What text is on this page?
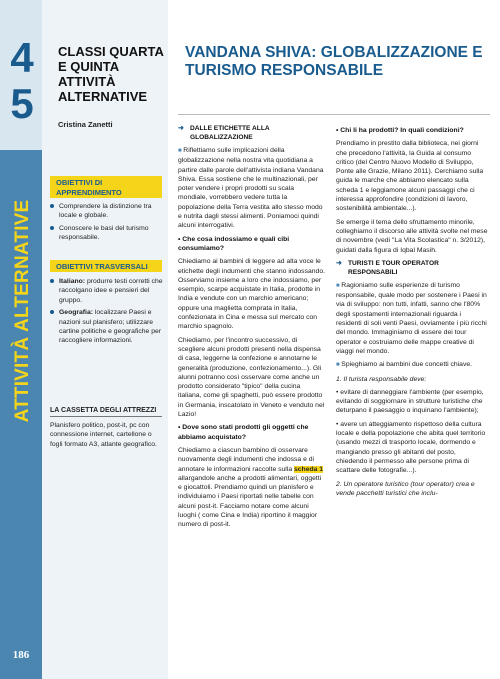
4
5
ATTIVITÀ ALTERNATIVE
186
CLASSI QUARTA E QUINTA ATTIVITÀ ALTERNATIVE
Cristina Zanetti
OBIETTIVI DI APPRENDIMENTO
Comprendere la distinzione tra locale e globale.
Conoscere le basi del turismo responsabile.
OBIETTIVI TRASVERSALI
Italiano: produrre testi corretti che raccolgano idee e pensieri del gruppo.
Geografia: localizzare Paesi e nazioni sul planisfero; utilizzare cartine politiche e geografiche per raccogliere informazioni.
LA CASSETTA DEGLI ATTREZZI
Planisfero politico, post-it, pc con connessione internet, cartellone o fogli formato A3, atlante geografico.
VANDANA SHIVA: GLOBALIZZAZIONE E TURISMO RESPONSABILE
➜ DALLE ETICHETTE ALLA GLOBALIZZAZIONE

■ Riflettiamo sulle implicazioni della globalizzazione nella nostra vita quotidiana a partire dalle parole dell'attivista indiana Vandana Shiva. Essa sostiene che le multinazionali, per poter vendere i propri prodotti su scala mondiale, vorrebbero vedere tutta la popolazione della Terra vestita allo stesso modo e nutrita dagli stessi alimenti. Poniamoci quindi alcuni interrogativi.

• Che cosa indossiamo e quali cibi consumiamo?

Chiediamo ai bambini di leggere ad alta voce le etichette degli indumenti che stanno indossando. Osserviamo insieme a loro che indossiamo, per esempio, scarpe acquistate in Italia, prodotte in India e vendute con un marchio americano; oppure una maglietta comprata in Italia, confezionata in Cina e messa sul mercato con marchio spagnolo.

Chiediamo, per l'incontro successivo, di scegliere alcuni prodotti presenti nella dispensa di casa, leggerne la confezione e annotarne le generalità (produzione, confezionamento...). Gli alunni potranno così osservare come anche un prodotto considerato "tipico" della cucina italiana, come gli spaghetti, può essere prodotto in Germania, inscatolato in Veneto e venduto nel Lazio!

• Dove sono stati prodotti gli oggetti che abbiamo acquistato?

Chiediamo a ciascun bambino di osservare nuovamente degli indumenti che indossa e di annotare le informazioni raccolte sulla scheda 1 allargandole anche a prodotti alimentari, oggetti e giocattoli. Prendiamo quindi un planisfero e individuiamo i Paesi riportati nelle tabelle con alcuni post-it. Facciamo notare come alcuni luoghi ( come Cina e India) riportino il maggior numero di post-it.

• Chi li ha prodotti? In quali condizioni?

Prendiamo in prestito dalla biblioteca, nei giorni che precedono l'attività, la Guida al consumo critico (del Centro Nuovo Modello di Sviluppo, Ponte alle Grazie, Milano 2011). Cerchiamo sulla guida le marche che abbiamo elencato sulla scheda 1 e leggiamone alcuni passaggi che ci interessa approfondire (condizioni di lavoro, sostenibilità ambientale...).

Se emerge il tema dello sfruttamento minorile, colleghiamo il discorso alle attività svolte nel mese di novembre (vedi "La Vita Scolastica" n. 3/2012), guidati dalla figura di Iqbal Masih.

➜ TURISTI E TOUR OPERATOR RESPONSABILI

■ Ragioniamo sulle esperienze di turismo responsabile, quale modo per sostenere i Paesi in via di sviluppo: non tutti, infatti, sanno che l'80% degli spostamenti internazionali riguarda i residenti di soli venti Paesi, ovviamente i più ricchi del mondo. Immaginiamo di essere dei tour operator e costruiamo delle mappe creative di viaggi nel mondo.

■ Spieghiamo ai bambini due concetti chiave.

1. Il turista responsabile deve:

• evitare di danneggiare l'ambiente (per esempio, evitando di soggiornare in strutture turistiche che deturpano il paesaggio o inquinano l'ambiente);

• avere un atteggiamento rispettoso della cultura locale e della popolazione che abita quel territorio (usando mezzi di trasporto locale, dormendo e mangiando presso gli abitanti del posto, chiedendo il permesso alle persone prima di scattare delle fotografie...).

2. Un operatore turistico (tour operator) crea e vende pacchetti turistici che inclu-
